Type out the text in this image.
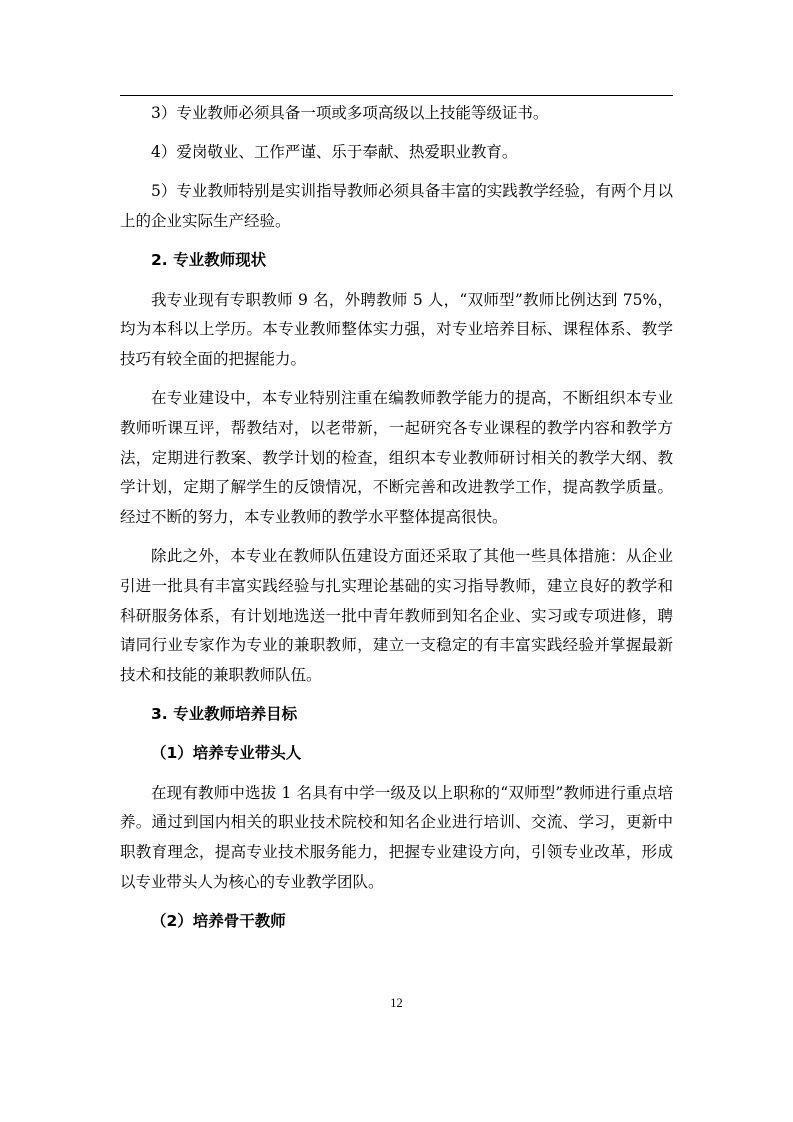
3）专业教师必须具备一项或多项高级以上技能等级证书。

4）爱岗敬业、工作严谨、乐于奉献、热爱职业教育。

5）专业教师特别是实训指导教师必须具备丰富的实践教学经验，有两个月以上的企业实际生产经验。

2. 专业教师现状

我专业现有专职教师 9 名，外聘教师 5 人，“双师型”教师比例达到 75%，均为本科以上学历。本专业教师整体实力强，对专业培养目标、课程体系、教学技巧有较全面的把握能力。

在专业建设中，本专业特别注重在编教师教学能力的提高，不断组织本专业教师听课互评，帮教结对，以老带新，一起研究各专业课程的教学内容和教学方法，定期进行教案、教学计划的检查，组织本专业教师研讨相关的教学大纲、教学计划，定期了解学生的反馈情况，不断完善和改进教学工作，提高教学质量。经过不断的努力，本专业教师的教学水平整体提高很快。

除此之外，本专业在教师队伍建设方面还采取了其他一些具体措施：从企业引进一批具有丰富实践经验与扎实理论基础的实习指导教师，建立良好的教学和科研服务体系，有计划地选送一批中青年教师到知名企业、实习或专项进修，聘请同行业专家作为专业的兼职教师，建立一支稳定的有丰富实践经验并掌握最新技术和技能的兼职教师队伍。

3. 专业教师培养目标

（1）培养专业带头人

在现有教师中选拔 1 名具有中学一级及以上职称的“双师型”教师进行重点培养。通过到国内相关的职业技术院校和知名企业进行培训、交流、学习，更新中职教育理念，提高专业技术服务能力，把握专业建设方向，引领专业改革，形成以专业带头人为核心的专业教学团队。

（2）培养骨干教师

12
